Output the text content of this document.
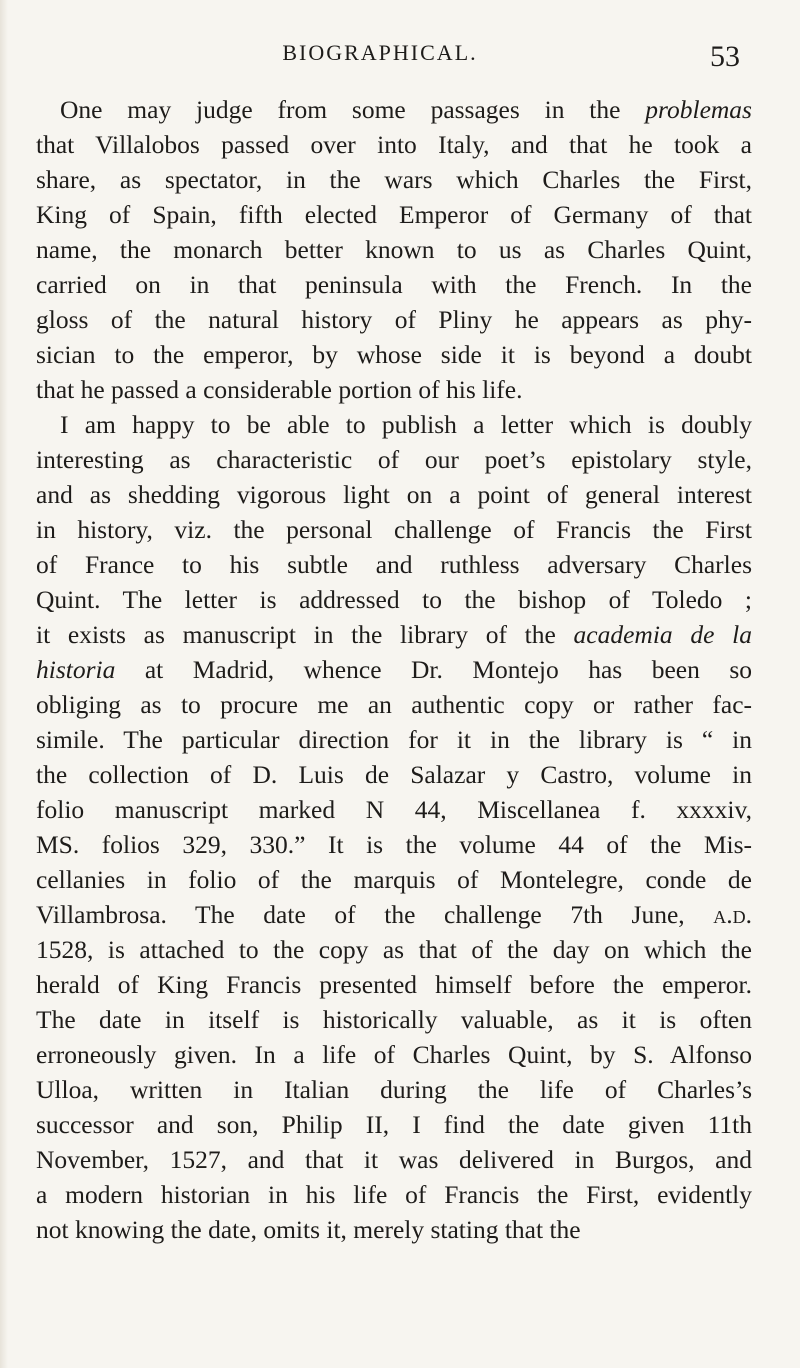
BIOGRAPHICAL.	53
One may judge from some passages in the problemas
that Villalobos passed over into Italy, and that he took a
share, as spectator, in the wars which Charles the First,
King of Spain, fifth elected Emperor of Germany of that
name, the monarch better known to us as Charles Quint,
carried on in that peninsula with the French. In the
gloss of the natural history of Pliny he appears as phy-
sician to the emperor, by whose side it is beyond a doubt
that he passed a considerable portion of his life.
I am happy to be able to publish a letter which is doubly
interesting as characteristic of our poet’s epistolary style,
and as shedding vigorous light on a point of general interest
in history, viz. the personal challenge of Francis the First
of France to his subtle and ruthless adversary Charles
Quint. The letter is addressed to the bishop of Toledo ;
it exists as manuscript in the library of the academia de la
historia at Madrid, whence Dr. Montejo has been so
obliging as to procure me an authentic copy or rather fac-
simile. The particular direction for it in the library is “ in
the collection of D. Luis de Salazar y Castro, volume in
folio manuscript marked N 44, Miscellanea f. xxxxiv,
MS. folios 329, 330.” It is the volume 44 of the Mis-
cellanies in folio of the marquis of Montelegre, conde de
Villambrosa. The date of the challenge 7th June, a.d.
1528, is attached to the copy as that of the day on which the
herald of King Francis presented himself before the emperor.
The date in itself is historically valuable, as it is often
erroneously given. In a life of Charles Quint, by S. Alfonso
Ulloa, written in Italian during the life of Charles’s
successor and son, Philip II, I find the date given 11th
November, 1527, and that it was delivered in Burgos, and
a modern historian in his life of Francis the First, evidently
not knowing the date, omits it, merely stating that the
